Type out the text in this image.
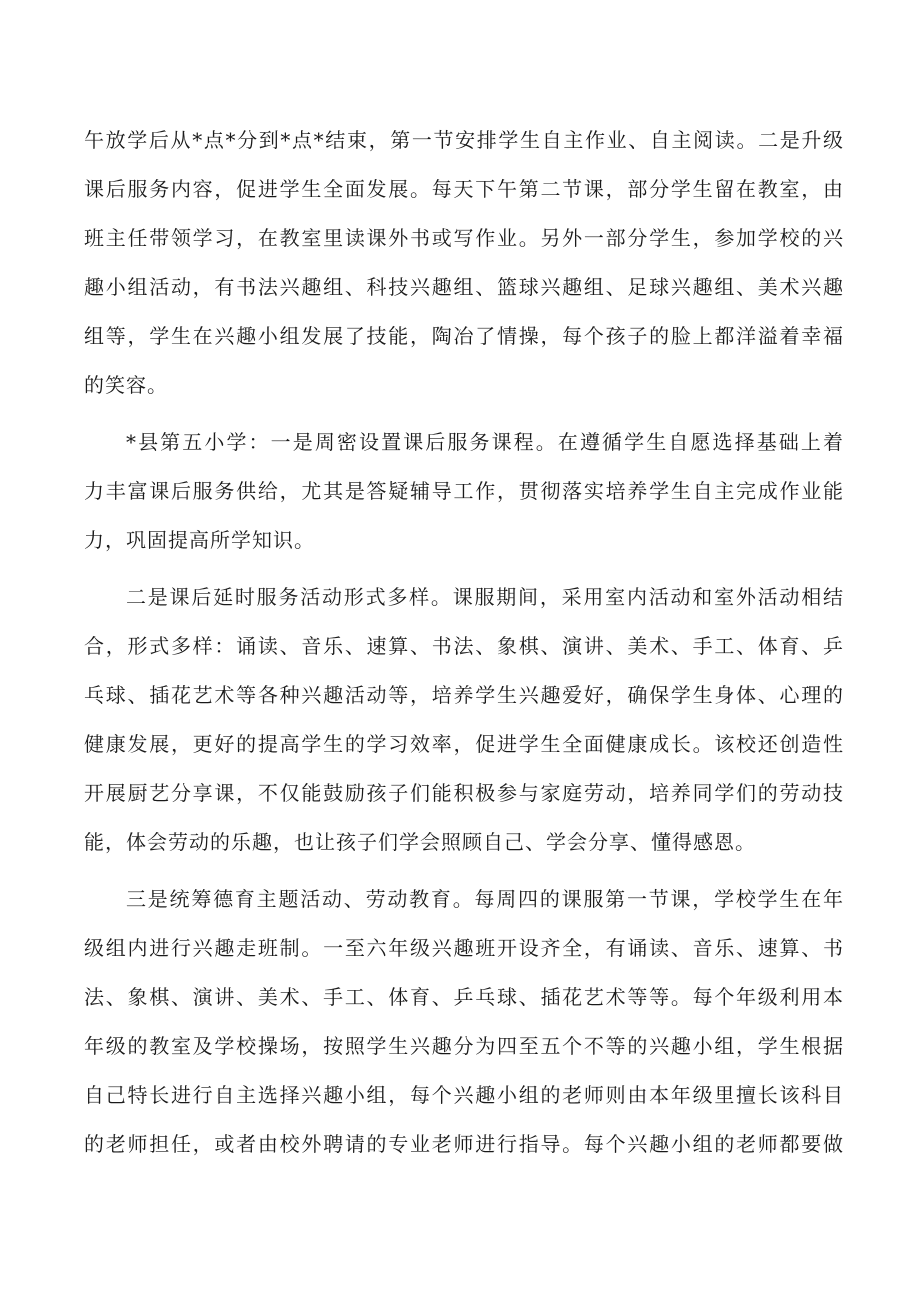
午放学后从*点*分到*点*结束，第一节安排学生自主作业、自主阅读。二是升级
课后服务内容，促进学生全面发展。每天下午第二节课，部分学生留在教室，由
班主任带领学习，在教室里读课外书或写作业。另外一部分学生，参加学校的兴
趣小组活动，有书法兴趣组、科技兴趣组、篮球兴趣组、足球兴趣组、美术兴趣
组等，学生在兴趣小组发展了技能，陶冶了情操，每个孩子的脸上都洋溢着幸福
的笑容。
*县第五小学：一是周密设置课后服务课程。在遵循学生自愿选择基础上着
力丰富课后服务供给，尤其是答疑辅导工作，贯彻落实培养学生自主完成作业能
力，巩固提高所学知识。
二是课后延时服务活动形式多样。课服期间，采用室内活动和室外活动相结
合，形式多样：诵读、音乐、速算、书法、象棋、演讲、美术、手工、体育、乒
乓球、插花艺术等各种兴趣活动等，培养学生兴趣爱好，确保学生身体、心理的
健康发展，更好的提高学生的学习效率，促进学生全面健康成长。该校还创造性
开展厨艺分享课，不仅能鼓励孩子们能积极参与家庭劳动，培养同学们的劳动技
能，体会劳动的乐趣，也让孩子们学会照顾自己、学会分享、懂得感恩。
三是统筹德育主题活动、劳动教育。每周四的课服第一节课，学校学生在年
级组内进行兴趣走班制。一至六年级兴趣班开设齐全，有诵读、音乐、速算、书
法、象棋、演讲、美术、手工、体育、乒乓球、插花艺术等等。每个年级利用本
年级的教室及学校操场，按照学生兴趣分为四至五个不等的兴趣小组，学生根据
自己特长进行自主选择兴趣小组，每个兴趣小组的老师则由本年级里擅长该科目
的老师担任，或者由校外聘请的专业老师进行指导。每个兴趣小组的老师都要做
